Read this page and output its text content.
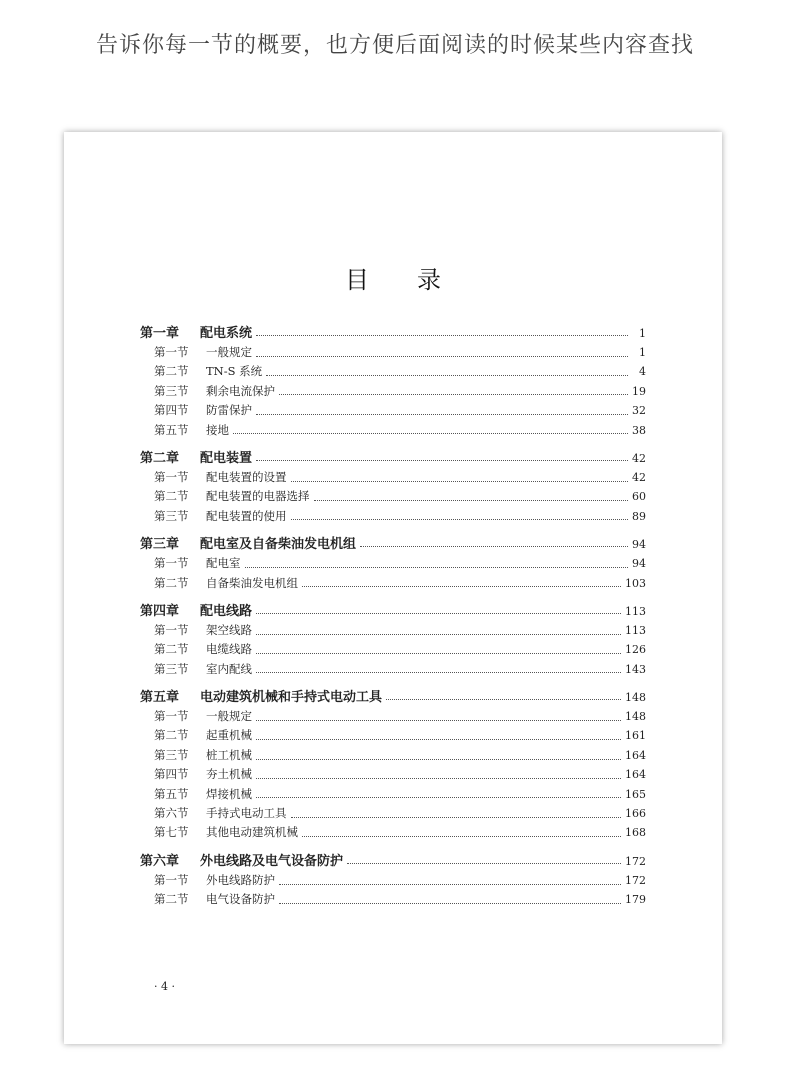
告诉你每一节的概要，也方便后面阅读的时候某些内容查找
目　　录
第一章	配电系统	1
第一节	一般规定	1
第二节	TN-S 系统	4
第三节	剩余电流保护	19
第四节	防雷保护	32
第五节	接地	38
第二章	配电装置	42
第一节	配电装置的设置	42
第二节	配电装置的电器选择	60
第三节	配电装置的使用	89
第三章	配电室及自备柴油发电机组	94
第一节	配电室	94
第二节	自备柴油发电机组	103
第四章	配电线路	113
第一节	架空线路	113
第二节	电缆线路	126
第三节	室内配线	143
第五章	电动建筑机械和手持式电动工具	148
第一节	一般规定	148
第二节	起重机械	161
第三节	桩工机械	164
第四节	夯土机械	164
第五节	焊接机械	165
第六节	手持式电动工具	166
第七节	其他电动建筑机械	168
第六章	外电线路及电气设备防护	172
第一节	外电线路防护	172
第二节	电气设备防护	179
· 4 ·
